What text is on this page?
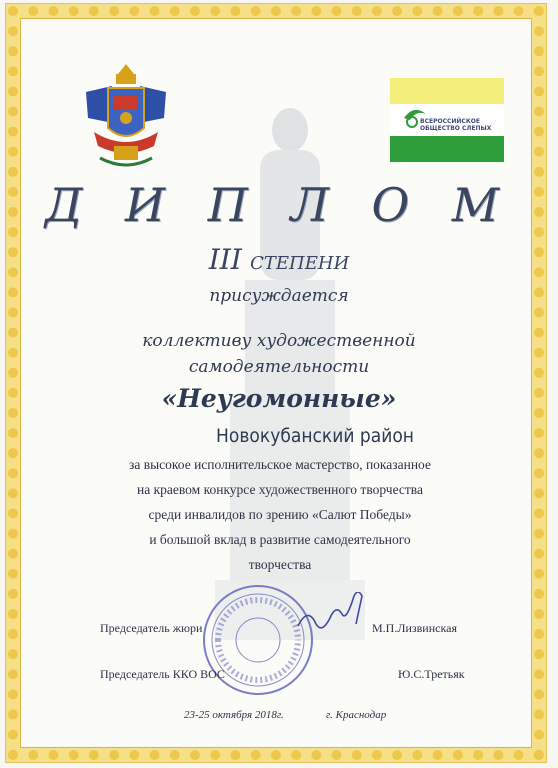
ВСЕРОССИЙСКОЕ ОБЩЕСТВО СЛЕПЫХ
Д И П Л О М
III СТЕПЕНИ
присуждается
коллективу художественной
самодеятельности
«Неугомонные»
Новокубанский район
за высокое исполнительское мастерство, показанное
на краевом конкурсе художественного творчества
среди инвалидов по зрению «Салют Победы»
и большой вклад в развитие самодеятельного
творчества
Председатель жюри	М.П.Лизвинская
Председатель ККО ВОС	Ю.С.Третьяк
23-25 октября 2018г.	г. Краснодар
